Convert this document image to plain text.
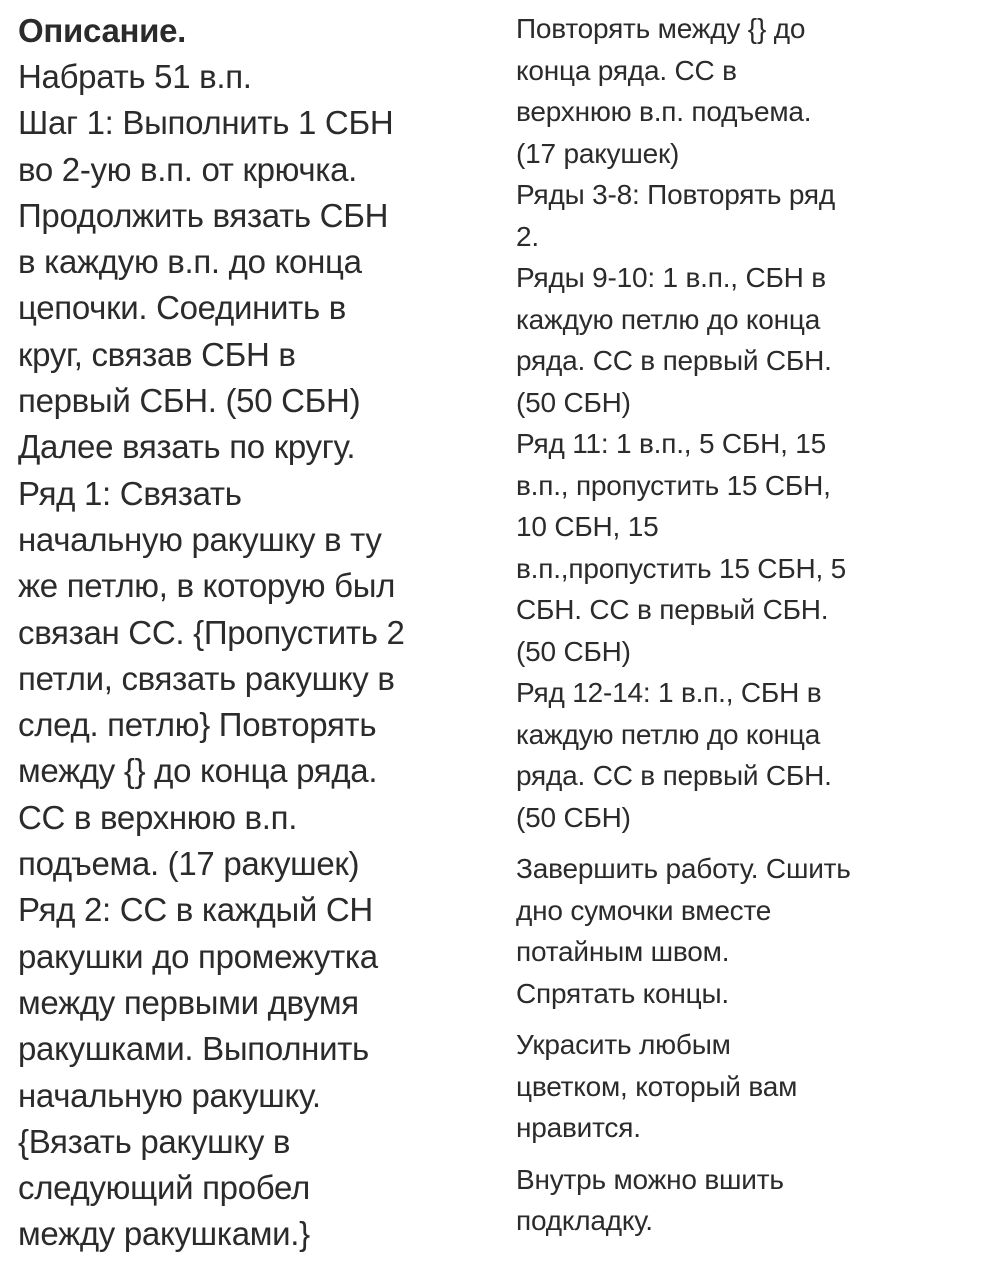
Описание.

Набрать 51 в.п.

Шаг 1: Выполнить 1 СБН

во 2-ую в.п. от крючка.

Продолжить вязать СБН

в каждую в.п. до конца

цепочки. Соединить в

круг, связав СБН в

первый СБН. (50 СБН)

Далее вязать по кругу.

Ряд 1: Связать

начальную ракушку в ту

же петлю, в которую был

связан СС. {Пропустить 2

петли, связать ракушку в

след. петлю} Повторять

между {} до конца ряда.

СС в верхнюю в.п.

подъема. (17 ракушек)

Ряд 2: СС в каждый СН

ракушки до промежутка

между первыми двумя

ракушками. Выполнить

начальную ракушку.

{Вязать ракушку в

следующий пробел

между ракушками.}

Повторять между {} до

конца ряда. СС в

верхнюю в.п. подъема.

(17 ракушек)

Ряды 3-8: Повторять ряд

2.

Ряды 9-10: 1 в.п., СБН в

каждую петлю до конца

ряда. СС в первый СБН.

(50 СБН)

Ряд 11: 1 в.п., 5 СБН, 15

в.п., пропустить 15 СБН,

10 СБН, 15

в.п.,пропустить 15 СБН, 5

СБН. СС в первый СБН.

(50 СБН)

Ряд 12-14: 1 в.п., СБН в

каждую петлю до конца

ряда. СС в первый СБН.

(50 СБН)

Завершить работу. Сшить

дно сумочки вместе

потайным швом.

Спрятать концы.

Украсить любым

цветком, который вам

нравится.

Внутрь можно вшить

подкладку.
